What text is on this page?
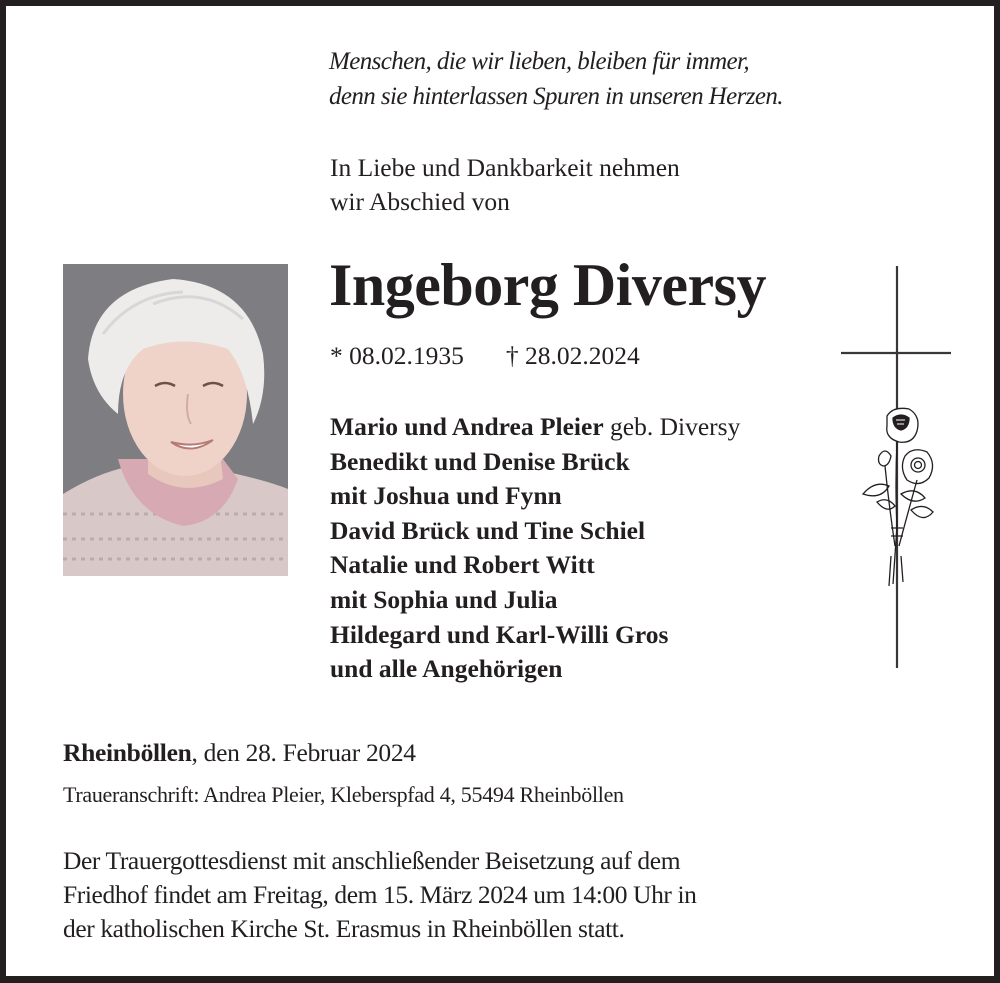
Menschen, die wir lieben, bleiben für immer,
denn sie hinterlassen Spuren in unseren Herzen.
In Liebe und Dankbarkeit nehmen
wir Abschied von
Ingeborg Diversy
* 08.02.1935 † 28.02.2024
Mario und Andrea Pleier geb. Diversy
Benedikt und Denise Brück
mit Joshua und Fynn
David Brück und Tine Schiel
Natalie und Robert Witt
mit Sophia und Julia
Hildegard und Karl-Willi Gros
und alle Angehörigen
Rheinböllen, den 28. Februar 2024
Traueranschrift: Andrea Pleier, Kleberspfad 4, 55494 Rheinböllen
Der Trauergottesdienst mit anschließender Beisetzung auf dem
Friedhof findet am Freitag, dem 15. März 2024 um 14:00 Uhr in
der katholischen Kirche St. Erasmus in Rheinböllen statt.
